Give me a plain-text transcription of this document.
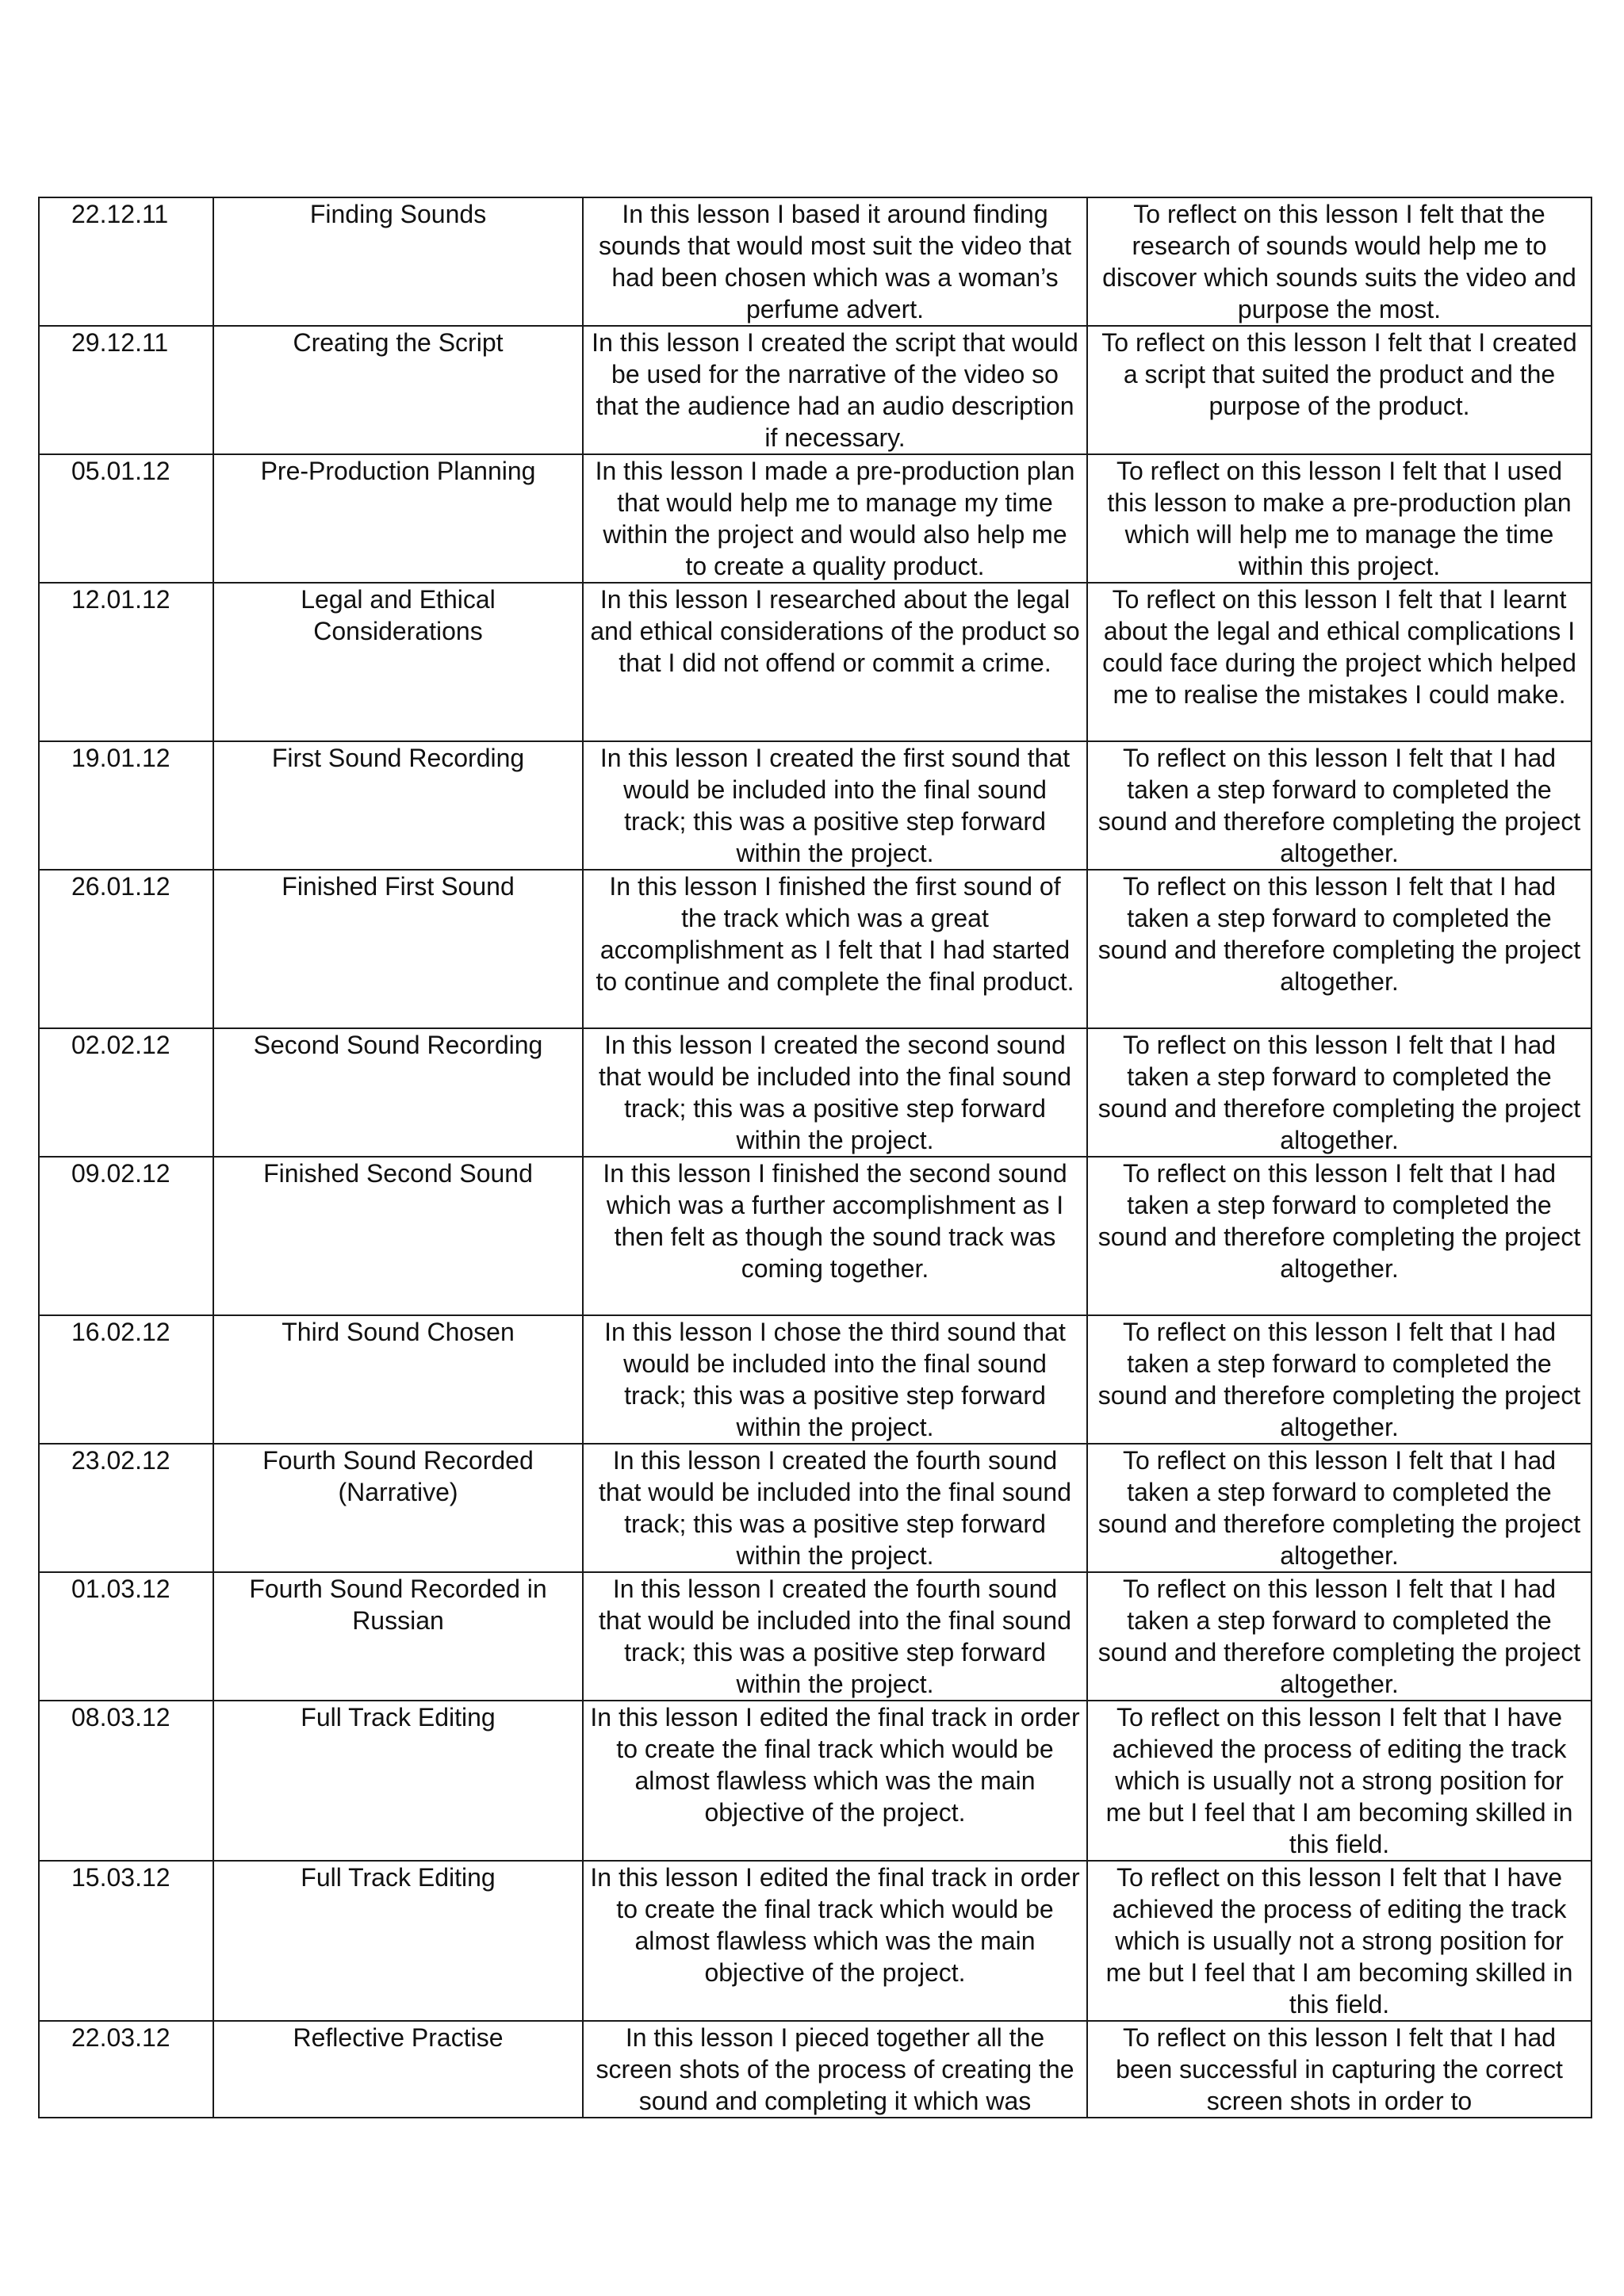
22.12.11	Finding Sounds	In this lesson I based it around finding sounds that would most suit the video that had been chosen which was a woman’s perfume advert.	To reflect on this lesson I felt that the research of sounds would help me to discover which sounds suits the video and purpose the most.

29.12.11	Creating the Script	In this lesson I created the script that would be used for the narrative of the video so that the audience had an audio description if necessary.	To reflect on this lesson I felt that I created a script that suited the product and the purpose of the product.

05.01.12	Pre-Production Planning	In this lesson I made a pre-production plan that would help me to manage my time within the project and would also help me to create a quality product.	To reflect on this lesson I felt that I used this lesson to make a pre-production plan which will help me to manage the time within this project.

12.01.12	Legal and Ethical Considerations	In this lesson I researched about the legal and ethical considerations of the product so that I did not offend or commit a crime.	To reflect on this lesson I felt that I learnt about the legal and ethical complications I could face during the project which helped me to realise the mistakes I could make.

19.01.12	First Sound Recording	In this lesson I created the first sound that would be included into the final sound track; this was a positive step forward within the project.	To reflect on this lesson I felt that I had taken a step forward to completed the sound and therefore completing the project altogether.

26.01.12	Finished First Sound	In this lesson I finished the first sound of the track which was a great accomplishment as I felt that I had started to continue and complete the final product.	To reflect on this lesson I felt that I had taken a step forward to completed the sound and therefore completing the project altogether.

02.02.12	Second Sound Recording	In this lesson I created the second sound that would be included into the final sound track; this was a positive step forward within the project.	To reflect on this lesson I felt that I had taken a step forward to completed the sound and therefore completing the project altogether.

09.02.12	Finished Second Sound	In this lesson I finished the second sound which was a further accomplishment as I then felt as though the sound track was coming together.	To reflect on this lesson I felt that I had taken a step forward to completed the sound and therefore completing the project altogether.

16.02.12	Third Sound Chosen	In this lesson I chose the third sound that would be included into the final sound track; this was a positive step forward within the project.	To reflect on this lesson I felt that I had taken a step forward to completed the sound and therefore completing the project altogether.

23.02.12	Fourth Sound Recorded (Narrative)	In this lesson I created the fourth sound that would be included into the final sound track; this was a positive step forward within the project.	To reflect on this lesson I felt that I had taken a step forward to completed the sound and therefore completing the project altogether.

01.03.12	Fourth Sound Recorded in Russian	In this lesson I created the fourth sound that would be included into the final sound track; this was a positive step forward within the project.	To reflect on this lesson I felt that I had taken a step forward to completed the sound and therefore completing the project altogether.

08.03.12	Full Track Editing	In this lesson I edited the final track in order to create the final track which would be almost flawless which was the main objective of the project.	To reflect on this lesson I felt that I have achieved the process of editing the track which is usually not a strong position for me but I feel that I am becoming skilled in this field.

15.03.12	Full Track Editing	In this lesson I edited the final track in order to create the final track which would be almost flawless which was the main objective of the project.	To reflect on this lesson I felt that I have achieved the process of editing the track which is usually not a strong position for me but I feel that I am becoming skilled in this field.

22.03.12	Reflective Practise	In this lesson I pieced together all the screen shots of the process of creating the sound and completing it which was	To reflect on this lesson I felt that I had been successful in capturing the correct screen shots in order to
